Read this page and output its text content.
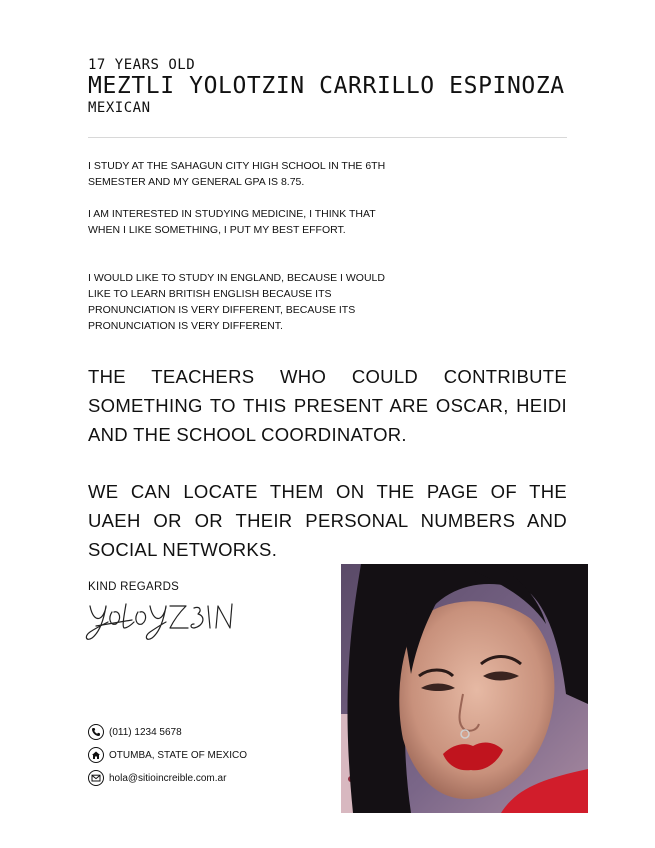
17 YEARS OLD
MEZTLI YOLOTZIN CARRILLO ESPINOZA
MEXICAN
I STUDY AT THE SAHAGUN CITY HIGH SCHOOL IN THE 6TH SEMESTER AND MY GENERAL GPA IS 8.75.
I AM INTERESTED IN STUDYING MEDICINE, I THINK THAT WHEN I LIKE SOMETHING, I PUT MY BEST EFFORT.
I WOULD LIKE TO STUDY IN ENGLAND, BECAUSE I WOULD LIKE TO LEARN BRITISH ENGLISH BECAUSE ITS PRONUNCIATION IS VERY DIFFERENT, BECAUSE ITS PRONUNCIATION IS VERY DIFFERENT.
THE TEACHERS WHO COULD CONTRIBUTE SOMETHING TO THIS PRESENT ARE OSCAR, HEIDI AND THE SCHOOL COORDINATOR.
WE CAN LOCATE THEM ON THE PAGE OF THE UAEH OR OR THEIR PERSONAL NUMBERS AND SOCIAL NETWORKS.
KIND REGARDS
(011) 1234 5678
OTUMBA, STATE OF MEXICO
hola@sitioincreible.com.ar
